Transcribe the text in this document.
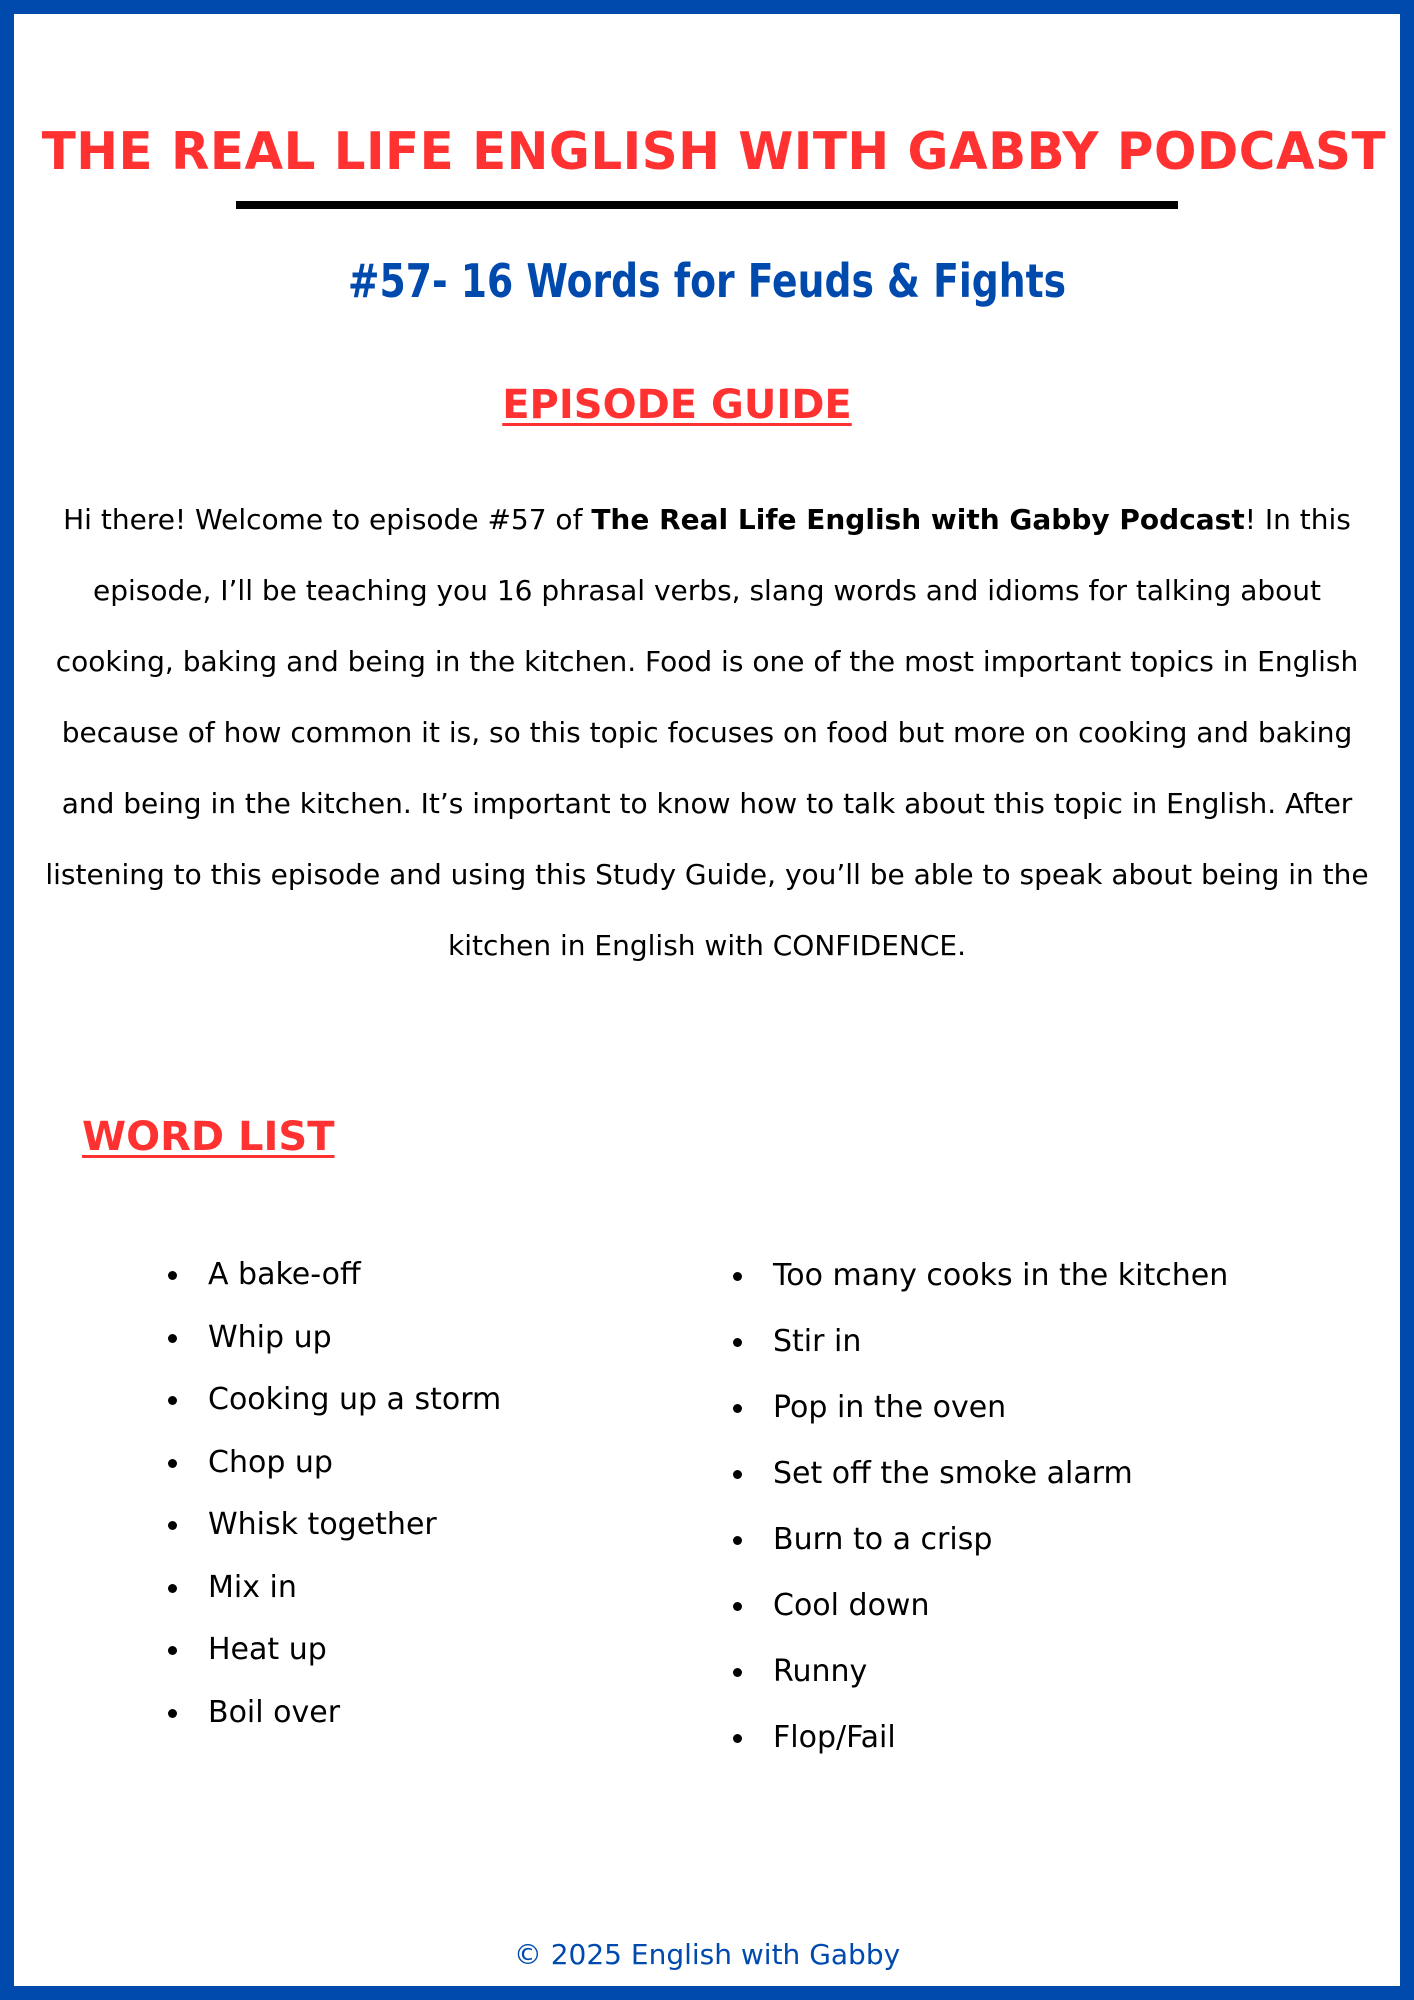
THE REAL LIFE ENGLISH WITH GABBY PODCAST
#57- 16 Words for Feuds & Fights
EPISODE GUIDE

Hi there! Welcome to episode #57 of The Real Life English with Gabby Podcast! In this episode, I’ll be teaching you 16 phrasal verbs, slang words and idioms for talking about cooking, baking and being in the kitchen. Food is one of the most important topics in English because of how common it is, so this topic focuses on food but more on cooking and baking and being in the kitchen. It’s important to know how to talk about this topic in English. After listening to this episode and using this Study Guide, you’ll be able to speak about being in the kitchen in English with CONFIDENCE.

WORD LIST
A bake-off
Whip up
Cooking up a storm
Chop up
Whisk together
Mix in
Heat up
Boil over
Too many cooks in the kitchen
Stir in
Pop in the oven
Set off the smoke alarm
Burn to a crisp
Cool down
Runny
Flop/Fail
© 2025 English with Gabby
